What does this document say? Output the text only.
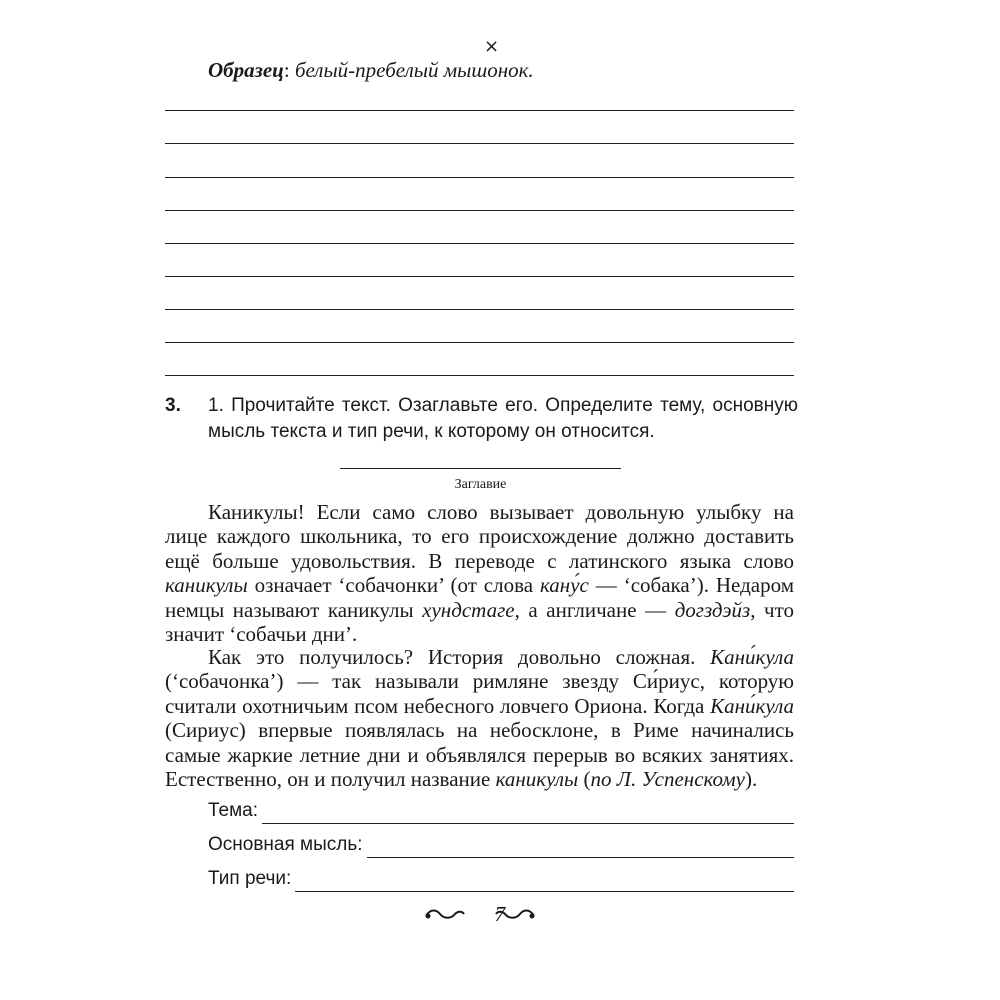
Образец: белый-пребелый мышонок.
×
3. 1. Прочитайте текст. Озаглавьте его. Определите тему, основную мысль текста и тип речи, к которому он относится.
Заглавие

Каникулы! Если само слово вызывает довольную улыбку на лице каждого школьника, то его происхождение должно доставить ещё больше удовольствия. В переводе с латинского языка слово каникулы означает ‘собачонки’ (от слова кану́с — ‘собака’). Недаром немцы называют каникулы хундстаге, а англичане — догздэйз, что значит ‘собачьи дни’.

Как это получилось? История довольно сложная. Кани́кула (‘собачонка’) — так называли римляне звезду Си́риус, которую считали охотничьим псом небесного ловчего Ориона. Когда Кани́кула (Сириус) впервые появлялась на небосклоне, в Риме начинались самые жаркие летние дни и объявлялся перерыв во всяких занятиях. Естественно, он и получил название каникулы (по Л. Успенскому).

Тема:
Основная мысль:
Тип речи:
7
